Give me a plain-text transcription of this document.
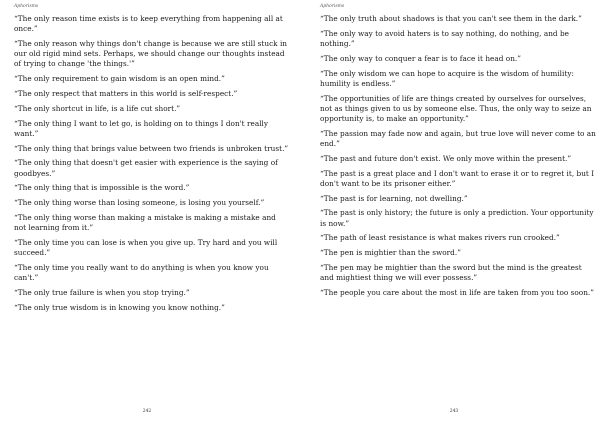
Aphorisms
“The only reason time exists is to keep everything from happening all at once.”
“The only reason why things don't change is because we are still stuck in our old rigid mind sets. Perhaps, we should change our thoughts instead of trying to change 'the things.'”
“The only requirement to gain wisdom is an open mind.”
“The only respect that matters in this world is self-respect.”
“The only shortcut in life, is a life cut short.”
“The only thing I want to let go, is holding on to things I don't really want.”
“The only thing that brings value between two friends is unbroken trust.”
“The only thing that doesn't get easier with experience is the saying of goodbyes.”
“The only thing that is impossible is the word.”
“The only thing worse than losing someone, is losing you yourself.”
“The only thing worse than making a mistake is making a mistake and not learning from it.”
“The only time you can lose is when you give up. Try hard and you will succeed.”
“The only time you really want to do anything is when you know you can't.”
“The only true failure is when you stop trying.”
“The only true wisdom is in knowing you know nothing.”
242
Aphorisms
“The only truth about shadows is that you can't see them in the dark.”
“The only way to avoid haters is to say nothing, do nothing, and be nothing.”
“The only way to conquer a fear is to face it head on.”
“The only wisdom we can hope to acquire is the wisdom of humility: humility is endless.”
“The opportunities of life are things created by ourselves for ourselves, not as things given to us by someone else. Thus, the only way to seize an opportunity is, to make an opportunity.”
“The passion may fade now and again, but true love will never come to an end.”
“The past and future don't exist. We only move within the present.”
“The past is a great place and I don't want to erase it or to regret it, but I don't want to be its prisoner either.”
“The past is for learning, not dwelling.”
“The past is only history; the future is only a prediction. Your opportunity is now.”
“The path of least resistance is what makes rivers run crooked.”
“The pen is mightier than the sword.”
“The pen may be mightier than the sword but the mind is the greatest and mightiest thing we will ever possess.”
“The people you care about the most in life are taken from you too soon.”
243
